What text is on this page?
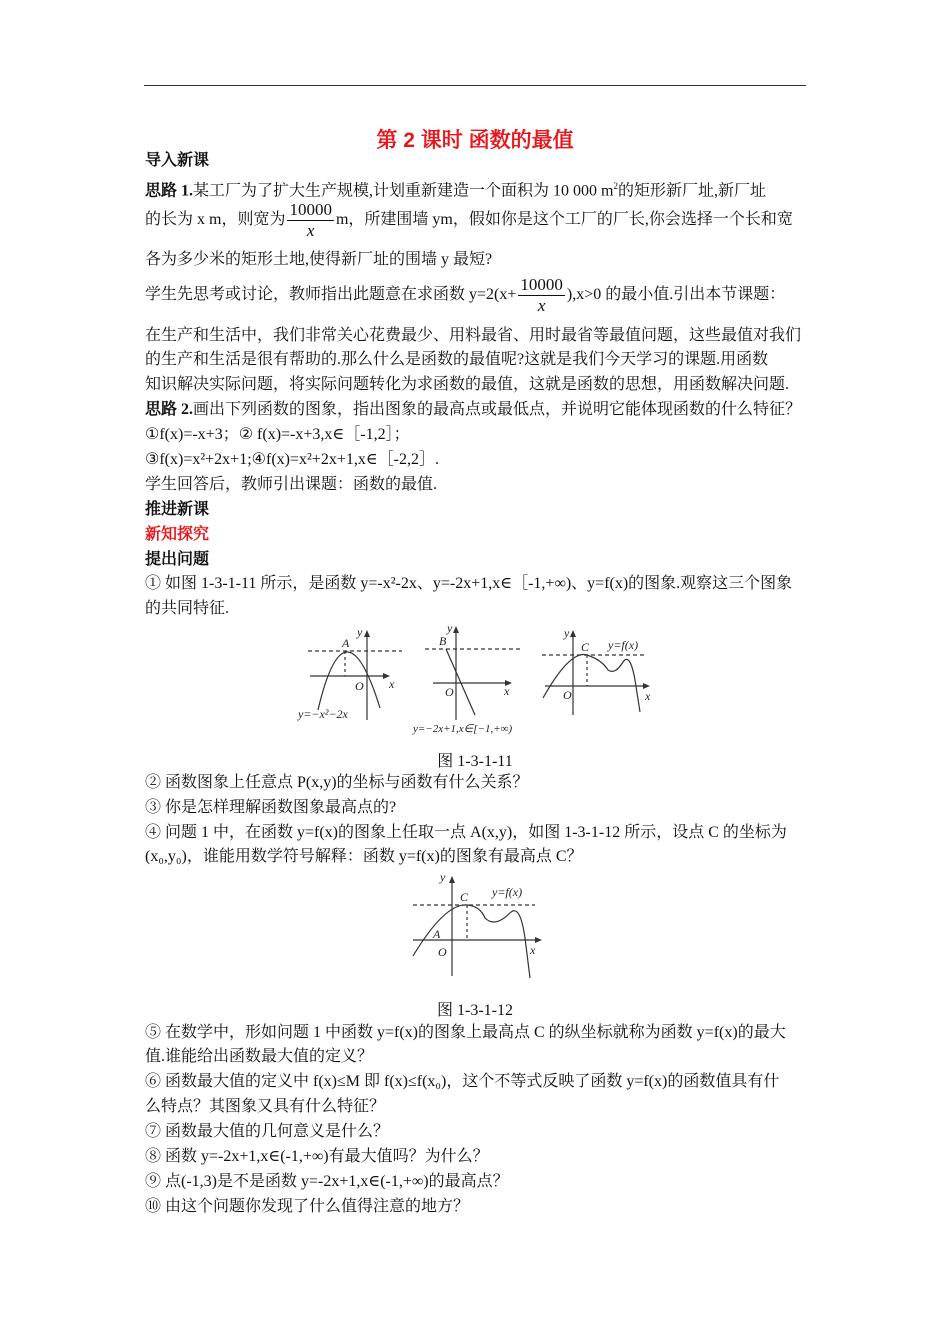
第 2 课时 函数的最值
导入新课
思路 1.某工厂为了扩大生产规模,计划重新建造一个面积为 10 000 $m^2$的矩形新厂址,新厂址
的长为 x m，则宽为 $\frac{10000}{x}$ m，所建围墙 ym，假如你是这个工厂的厂长,你会选择一个长和宽
各为多少米的矩形土地,使得新厂址的围墙 y 最短?
学生先思考或讨论，教师指出此题意在求函数 $y=2(x+ \frac{10000}{x} ),x>0$ 的最小值.引出本节课题：
在生产和生活中，我们非常关心花费最少、用料最省、用时最省等最值问题，这些最值对我们
的生产和生活是很有帮助的.那么什么是函数的最值呢?这就是我们今天学习的课题.用函数
知识解决实际问题，将实际问题转化为求函数的最值，这就是函数的思想，用函数解决问题.
思路 2.画出下列函数的图象，指出图象的最高点或最低点，并说明它能体现函数的什么特征？
①f(x)=-x+3；② f(x)=-x+3,x∈［-1,2］；
③f(x)=x²+2x+1;④f(x)=x²+2x+1,x∈［-2,2］.
学生回答后，教师引出课题：函数的最值.
推进新课
新知探究
提出问题
① 如图 1-3-1-11 所示，是函数 y=-x²-2x、y=-2x+1,x∈［-1,+∞)、y=f(x)的图象.观察这三个图象
的共同特征.
A
y
O x
y=−x²−2x
B
y
O	x
y=−2x+1,x∈[−1,+∞)
C
y
O	x
y=f(x)
图 1-3-1-11
② 函数图象上任意点 P(x,y)的坐标与函数有什么关系？
③ 你是怎样理解函数图象最高点的?
④ 问题 1 中，在函数 y=f(x)的图象上任取一点 A(x,y)，如图 1-3-1-12 所示，设点 C 的坐标为
(x₀,y₀)，谁能用数学符号解释：函数 y=f(x)的图象有最高点 C？
y
C y=f(x)
A
O	x
图 1-3-1-12
⑤ 在数学中，形如问题 1 中函数 y=f(x)的图象上最高点 C 的纵坐标就称为函数 y=f(x)的最大
值.谁能给出函数最大值的定义？
⑥ 函数最大值的定义中 f(x)≤M 即 f(x)≤f(x₀)，这个不等式反映了函数 y=f(x)的函数值具有什
么特点？其图象又具有什么特征？
⑦ 函数最大值的几何意义是什么？
⑧ 函数 y=-2x+1,x∈(-1,+∞)有最大值吗？为什么？
⑨ 点(-1,3)是不是函数 y=-2x+1,x∈(-1,+∞)的最高点？
⑩ 由这个问题你发现了什么值得注意的地方？
